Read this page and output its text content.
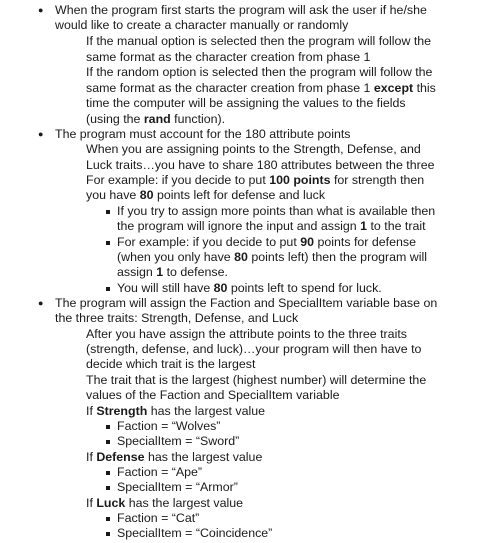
● When the program first starts the program will ask the user if he/she
would like to create a character manually or randomly
If the manual option is selected then the program will follow the
same format as the character creation from phase 1
If the random option is selected then the program will follow the
same format as the character creation from phase 1 except this
time the computer will be assigning the values to the fields
(using the rand function).
● The program must account for the 180 attribute points
When you are assigning points to the Strength, Defense, and
Luck traits…you have to share 180 attributes between the three
For example: if you decide to put 100 points for strength then
you have 80 points left for defense and luck
If you try to assign more points than what is available then
the program will ignore the input and assign 1 to the trait
For example: if you decide to put 90 points for defense
(when you only have 80 points left) then the program will
assign 1 to defense.
You will still have 80 points left to spend for luck.
● The program will assign the Faction and SpecialItem variable base on
the three traits: Strength, Defense, and Luck
After you have assign the attribute points to the three traits
(strength, defense, and luck)…your program will then have to
decide which trait is the largest
The trait that is the largest (highest number) will determine the
values of the Faction and SpecialItem variable
If Strength has the largest value
Faction = “Wolves”
SpecialItem = “Sword”
If Defense has the largest value
Faction = “Ape”
SpecialItem = “Armor”
If Luck has the largest value
Faction = “Cat”
SpecialItem = “Coincidence”
